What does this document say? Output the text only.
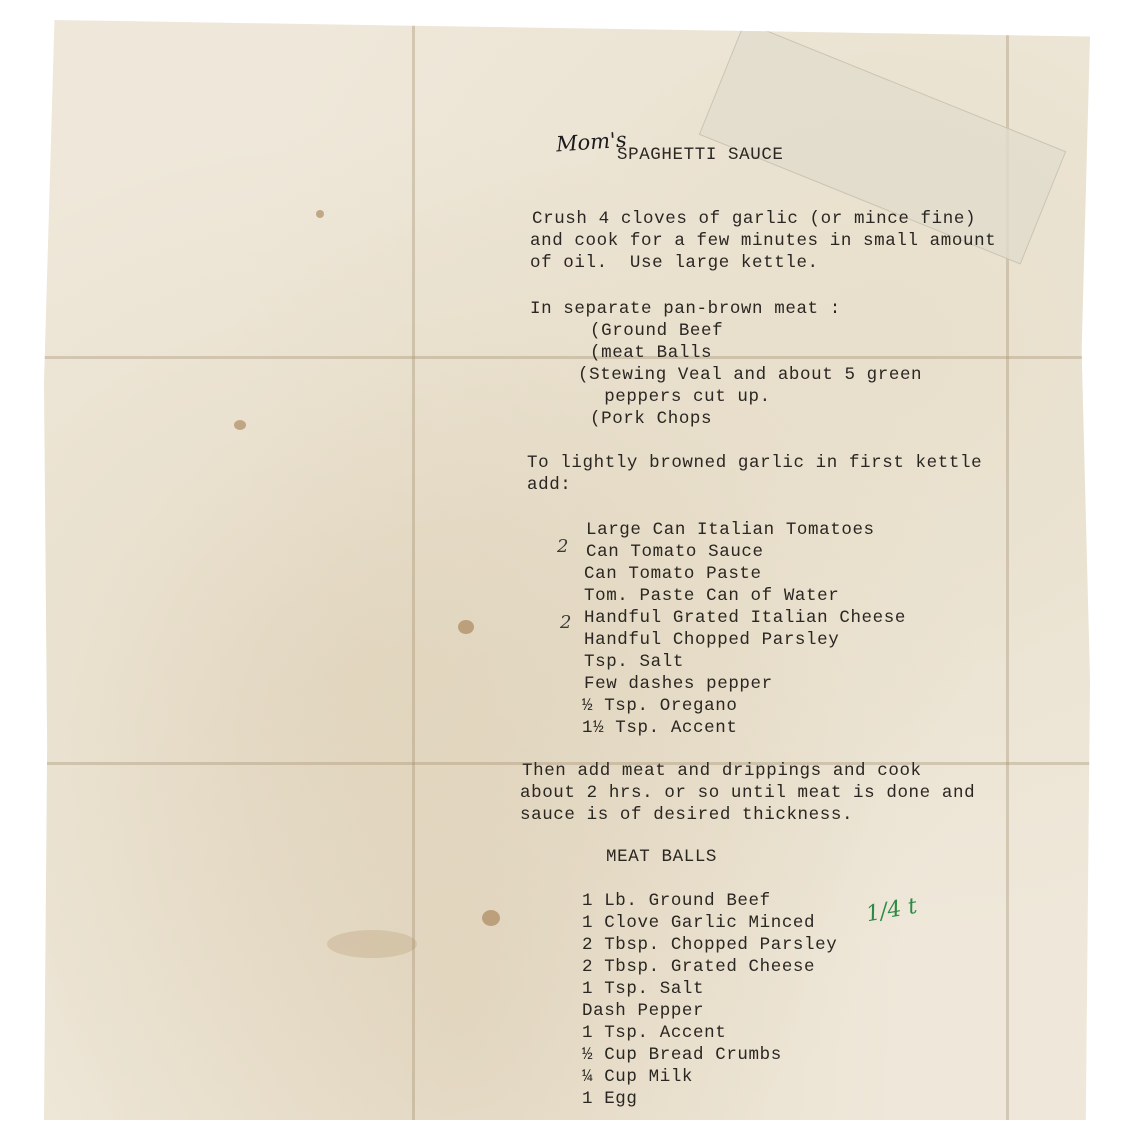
Mom's
SPAGHETTI SAUCE
Crush 4 cloves of garlic (or mince fine)
and cook for a few minutes in small amount
of oil.  Use large kettle.
In separate pan-brown meat :
(Ground Beef
(meat Balls
(Stewing Veal and about 5 green
peppers cut up.
(Pork Chops
To lightly browned garlic in first kettle
add:
Large Can Italian Tomatoes
2 Can Tomato Sauce
Can Tomato Paste
Tom. Paste Can of Water
2 Handful Grated Italian Cheese
Handful Chopped Parsley
Tsp. Salt
Few dashes pepper
½ Tsp. Oregano
1½ Tsp. Accent
Then add meat and drippings and cook
about 2 hrs. or so until meat is done and
sauce is of desired thickness.
MEAT BALLS
1 Lb. Ground Beef
1 Clove Garlic Minced 1/4 t
2 Tbsp. Chopped Parsley
2 Tbsp. Grated Cheese
1 Tsp. Salt
Dash Pepper
1 Tsp. Accent
½ Cup Bread Crumbs
¼ Cup Milk
1 Egg
